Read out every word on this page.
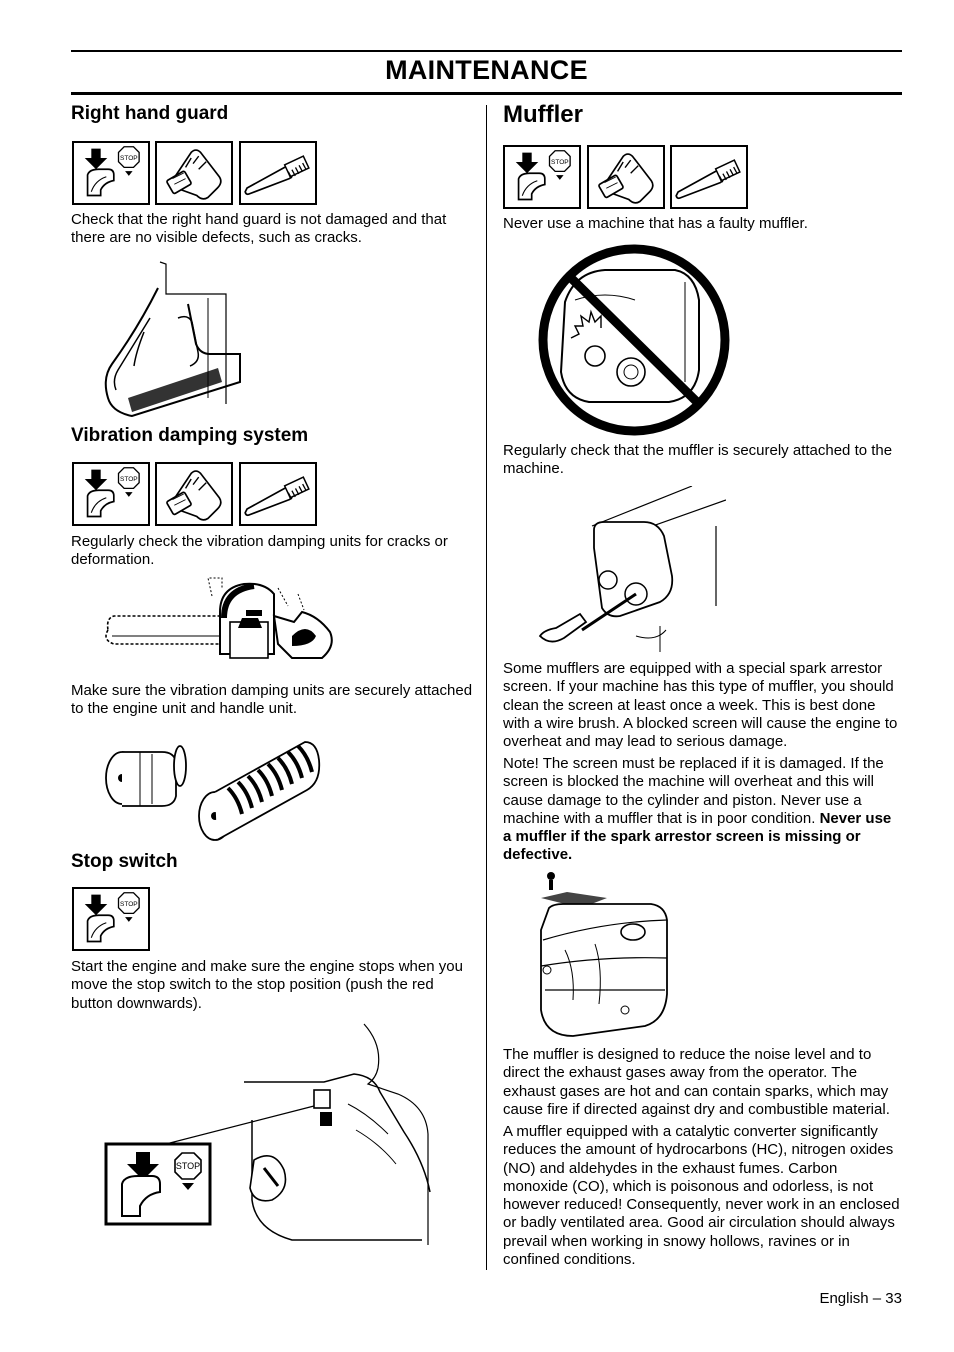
MAINTENANCE
Right hand guard
Check that the right hand guard is not damaged and that there are no visible defects, such as cracks.
Vibration damping system
Regularly check the vibration damping units for cracks or deformation.
Make sure the vibration damping units are securely attached to the engine unit and handle unit.
Stop switch
Start the engine and make sure the engine stops when you move the stop switch to the stop position (push the red button downwards).
STOP
Muffler
Never use a machine that has a faulty muffler.
Regularly check that the muffler is securely attached to the machine.
Some mufflers are equipped with a special spark arrestor screen. If your machine has this type of muffler, you should clean the screen at least once a week. This is best done with a wire brush. A blocked screen will cause the engine to overheat and may lead to serious damage.
Note! The screen must be replaced if it is damaged. If the screen is blocked the machine will overheat and this will cause damage to the cylinder and piston. Never use a machine with a muffler that is in poor condition. Never use a muffler if the spark arrestor screen is missing or defective.
The muffler is designed to reduce the noise level and to direct the exhaust gases away from the operator. The exhaust gases are hot and can contain sparks, which may cause fire if directed against dry and combustible material.
A muffler equipped with a catalytic converter significantly reduces the amount of hydrocarbons (HC), nitrogen oxides (NO) and aldehydes in the exhaust fumes. Carbon monoxide (CO), which is poisonous and odorless, is not however reduced! Consequently, never work in an enclosed or badly ventilated area. Good air circulation should always prevail when working in snowy hollows, ravines or in confined conditions.
English – 33
